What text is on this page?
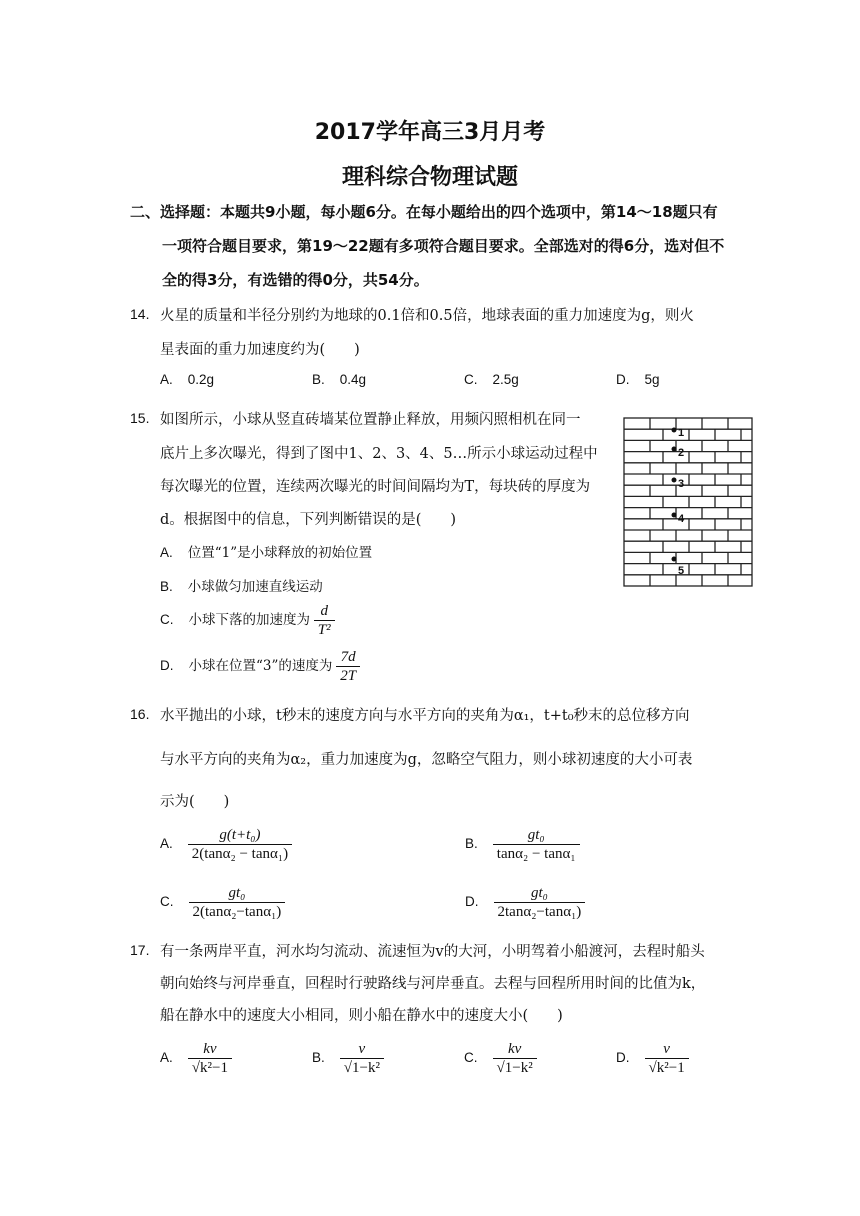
2017学年高三3月月考
理科综合物理试题
二、选择题：本题共9小题，每小题6分。在每小题给出的四个选项中，第14～18题只有
一项符合题目要求，第19～22题有多项符合题目要求。全部选对的得6分，选对但不
全的得3分，有选错的得0分，共54分。
14. 火星的质量和半径分别约为地球的0.1倍和0.5倍，地球表面的重力加速度为g，则火
星表面的重力加速度约为(　　)
A. 0.2g	B. 0.4g	C. 2.5g	D. 5g
15. 如图所示，小球从竖直砖墙某位置静止释放，用频闪照相机在同一
底片上多次曝光，得到了图中1、2、3、4、5…所示小球运动过程中
每次曝光的位置，连续两次曝光的时间间隔均为T，每块砖的厚度为
d。根据图中的信息，下列判断错误的是(　　)
A. 位置“1”是小球释放的初始位置
B. 小球做匀加速直线运动
C. 小球下落的加速度为 $\frac{d}{\text{T²}}$
D. 小球在位置“3”的速度为 $\frac{7d}{2T}$
1
2
3
4
5
16. 水平抛出的小球，t秒末的速度方向与水平方向的夹角为α₁，t+t₀秒末的总位移方向
与水平方向的夹角为α₂，重力加速度为g，忽略空气阻力，则小球初速度的大小可表
示为(　　)
A. $\frac{\text{g(t+t₀)}}{\text{2(tanα₂ − tanα₁)}}$	B. $\frac{\text{gt₀}}{\text{tanα₂ − tanα₁}}$
C. $\frac{\text{gt₀}}{\text{2(tanα₂−tanα₁)}}$	D. $\frac{\text{gt₀}}{\text{2tanα₂−tanα₁)}}$
17. 有一条两岸平直，河水均匀流动、流速恒为v的大河，小明驾着小船渡河，去程时船头
朝向始终与河岸垂直，回程时行驶路线与河岸垂直。去程与回程所用时间的比值为k，
船在静水中的速度大小相同，则小船在静水中的速度大小(　　)
A. $\frac{kv}{\text{√k²−1}}$	B. $\frac{v}{\text{√1−k²}}$	C. $\frac{kv}{\text{√1−k²}}$	D. $\frac{v}{\text{√k²−1}}$
